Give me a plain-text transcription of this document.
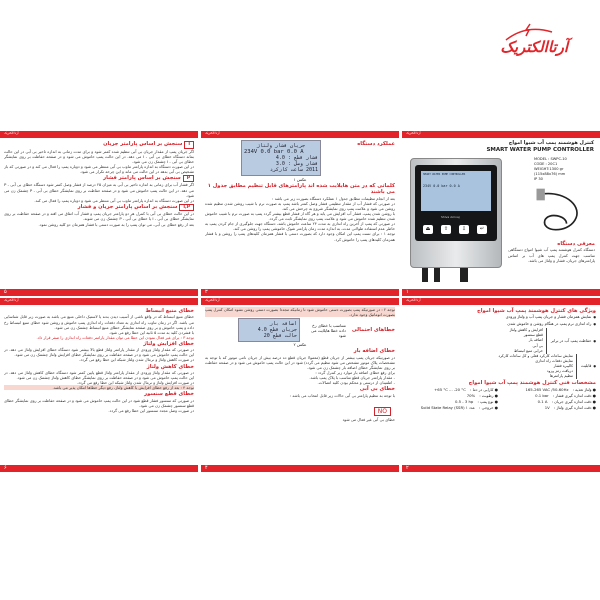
آرتاالکتریک
آرتا الکتریک
کنترل هوشمند پمپ آب شیوا امواج
SMART WATER PUMP CONTROLLER
SMART WATER PUMP CONTROLLER
234V 0.0 bar 0.0 A
Shiva Amvaj
⏏	⇧	⇩	↵
MODEL : SWPC-10
CODE : 20C1
WEIGHT:1300 gr
(115x88x76) mm
IP 30
معرفی دستگاه
دستگاه کنترل هوشمند پمپ آب شیوا امواج دستگاهی مناسب جهت کنترل پمپ های آب بر اساس پارامترهای جریان، فشار و ولتاژ می باشد.
۱
آرتا الکتریک
عملکرد دستگاه
جریان فشار ولتاژ
234V 0.0 bar 0.0 A
فشار قطع : 4.0
فشار وصل : 3.0
2011 ساعت کارکرد
عکس ۱
کلماتی که در متن هایلایت شده اند پارامترهای قابل تنظیم مطابق جدول ۱ می باشند
بعد از انجام تنظیمات مطابق جدول ۱ عملکرد دستگاه بصورت زیر می باشد :
در صورتی که فشار آب از مقدار تنظیمی فشار وصل کمتر باشد پمپ به صورت نرم با شیب روشن شدن تنظیم شده روشن می شود و علامت پمپ روی نمایشگر شروع به چرخش می کند.
با روشن شدن پمپ، فشار آب افزایش می یابد و هر گاه از فشار قطع بیشتر گردد پمپ به صورت نرم با شیب خاموش شدن تنظیم شده خاموش می شود و علامت پمپ روی نمایشگر ثابت می گردد.
در صورتی که پمپ از آخرین راه اندازی به مدت ۲۴ ساعت خاموش باشد، دستگاه جهت جلوگیری از جام کردن پمپ به خاطر عدم استفاده طولانی مدت، به اندازه مدت زمان پارامتر شوک خاموشی پمپ را روشن می کند.
توجه ۱ : برای تست پمپ این امکان وجود دارد که بصورت دستی با فشار همزمان کلیدهای پمپ را روشن و با فشار همزمان کلیدهای پمپ را خاموش کرد.
۳
آرتا الکتریک
Iسنجش بر اساس پارامتر جریان
اگر جریان پمپ از مقدار جریان بی آبی تنظیم شده کمتر شود و برای مدت زمانی به اندازه تاخیر بی آبی در این حالت بماند دستگاه خطای بی آبی - I می دهد. در این حالت پمپ خاموش می شود و در صفحه حفاظت بر روی نمایشگر خطای بی آبی - I چشمک زن می شود.
در این صورت دستگاه به اندازه پارامتر تناوب بی آبی منتظر می شود و دوباره پمپ را فعال می کند و در صورتی که باز تشخیص بی آبی بدهد در این حالت می ماند و این چرخه تکرار می شود.
Pسنجش بر اساس پارامتر فشار
اگر فشار آب برای زمانی به اندازه تاخیر بی آبی به میزان ۲۵ درصد از فشار وصل کمتر شود دستگاه خطای بی آبی - P می دهد. در این حالت پمپ خاموش می شود و در صفحه حفاظت بر روی نمایشگر خطای بی آبی - P چشمک زن می شود.
در این صورت دستگاه به اندازه پارامتر تناوب بی آبی منتظر می شود و دوباره پمپ را فعال می کند.
I,Pسنجش بر اساس پارامتر جریان و فشار
در این حالت خطای بی آبی با کنترل هر دو پارامتر جریان پمپ و فشار آب اتفاق می افتد و در صفحه حفاظت بر روی نمایشگر خطای بی آبی - I یا خطای بی آبی - P چشمک زن می شوند.
بعد از رفع خطای بی آبی، می توان پمپ را به صورت دستی با فشار همزمان دو کلید روشن نمود.
۵
آرتا الکتریک
ویژگی های کنترل هوشمند پمپ آب شیوا امواج
● نمایش همزمان فشار و جریان پمپ آب و ولتاژ ورودی
● راه اندازی نرم پمپ در هنگام روشن و خاموش شدن
● حفاظت پمپ آب در برابر
افزایش و کاهش ولتاژ
قطع سنسور
اضافه بار
بی آبی
خرابی منبع انبساط
● قابلیت
نمایش ساعات کارکرد فعلی و کل ساعات کارکرد
نمایش دفعات راه اندازی
کالیبره فشار
دریافت رمز ورود
تنظیم پارامترها
مشخصات فنی کنترل هوشمند پمپ آب شیوا امواج
● ولتاژ تغذیه : 165-265 VAC /50-60Hz
● کارایی در دما : +65 °C ... -20 °C
● دقت اندازه گیری فشار : 0.1 bar
● رطوبت : 70%
● دقت اندازه گیری جریان : 0.1 A
● نوع پمپ : 0.5 - 3 hp
● دقت اندازه گیری ولتاژ : 1V
● خروجی : Solid State Relay (SSR) ۱ عدد
۲
آرتا الکتریک
توجه ۲ : در صورتیکه پمپ بصورت دستی خاموش شود تا زمانیکه مجددا بصورت دستی روشن نشود امکان کنترل پمپ بصورت اتوماتیک وجود ندارد.
خطاهای احتمالی
متناسب با خطای رخ داده خطا هایلایت می شود
اضافه بار
جریان قطع 4.0
حالت قطع 20
عکس ۲
خطای اضافه بار
در صورتیکه جریان پمپ بیشتر از جریان قطع (معمولا جریان قطع ده درصد بیش از جریان نامی موتور که با توجه به مشخصات پلاک موتور مشخص می شود تنظیم می گردد) شود در این حالت پمپ خاموش می شود و در صفحه حفاظت بر روی نمایشگر خطای اضافه بار چشمک زن می شود.
برای رفع خطای اضافه بار موارد زیر کنترل گردد :
- مقدار پارامتر جریان قطع مناسب با پلاک پمپ باشد.
- اطمینان از درستی و محکم بودن کلیه اتصالات.
خطای بی آبی
با توجه به تنظیم پارامتر بی آبی حالات زیر قابل انتخاب می باشد :
NO
خطای بی آبی غیر فعال می شود
۴
آرتا الکتریک
خطای منبع انبساط
خطای منبع انبساط که در واقع ناشی از آسیب دیدن بدنه یا لاستیک داخلی منبع می باشد به صورت زیر قابل شناسایی می باشد. اگر در زمان تناوب راه اندازی به تعداد دفعات راه اندازی پمپ خاموش و روشن شود خطای منبع انبساط رخ داده و پمپ خاموش و بر روی صفحه نمایشگر خطای منبع انبساط چشمک زن می شود.
با فشردن کلید به مدت ۵ ثانیه این خطا رفع می شود.
توجه ۳ : برای غیر فعال نمودن این خطا می توان مقدار پارامتر دفعات راه اندازی را صفر قرار داد.
خطای افزایش ولتاژ
در صورتی که مقدار ولتاژ ورودی از مقدار پارامتر ولتاژ قطع بالا بیشتر شود دستگاه خطای افزایش ولتاژ می دهد. در این حالت پمپ خاموش می شود و در صفحه حفاظت بر روی نمایشگر خطای افزایش ولتاژ چشمک زن می شود.
در صورت کاهش ولتاژ و نرمال شدن ولتاژ شبکه این خطا رفع می گردد.
خطای کاهش ولتاژ
در صورتی که مقدار ولتاژ ورودی از مقدار پارامتر ولتاژ قطع پایین کمتر شود دستگاه خطای کاهش ولتاژ می دهد. در این حالت پمپ خاموش می شود و در صفحه حفاظت بر روی نمایشگر خطای کاهش ولتاژ چشمک زن می شود.
در صورت افزایش ولتاژ و نرمال شدن ولتاژ شبکه این خطا رفع می گردد.
توجه ۴ : بعد از رفع خطای افزایش یا کاهش ولتاژ، رفع دیگر خطاها امکان پذیر می باشد.
خطای قطع سنسور
در صورتی که سنسور فشار قطع شود در این حالت پمپ خاموش می شود و در صفحه حفاظت بر روی نمایشگر خطای قطع سنسور چشمک زن می شود.
در صورت وصل مجدد سنسور این خطا رفع می گردد.
۶
